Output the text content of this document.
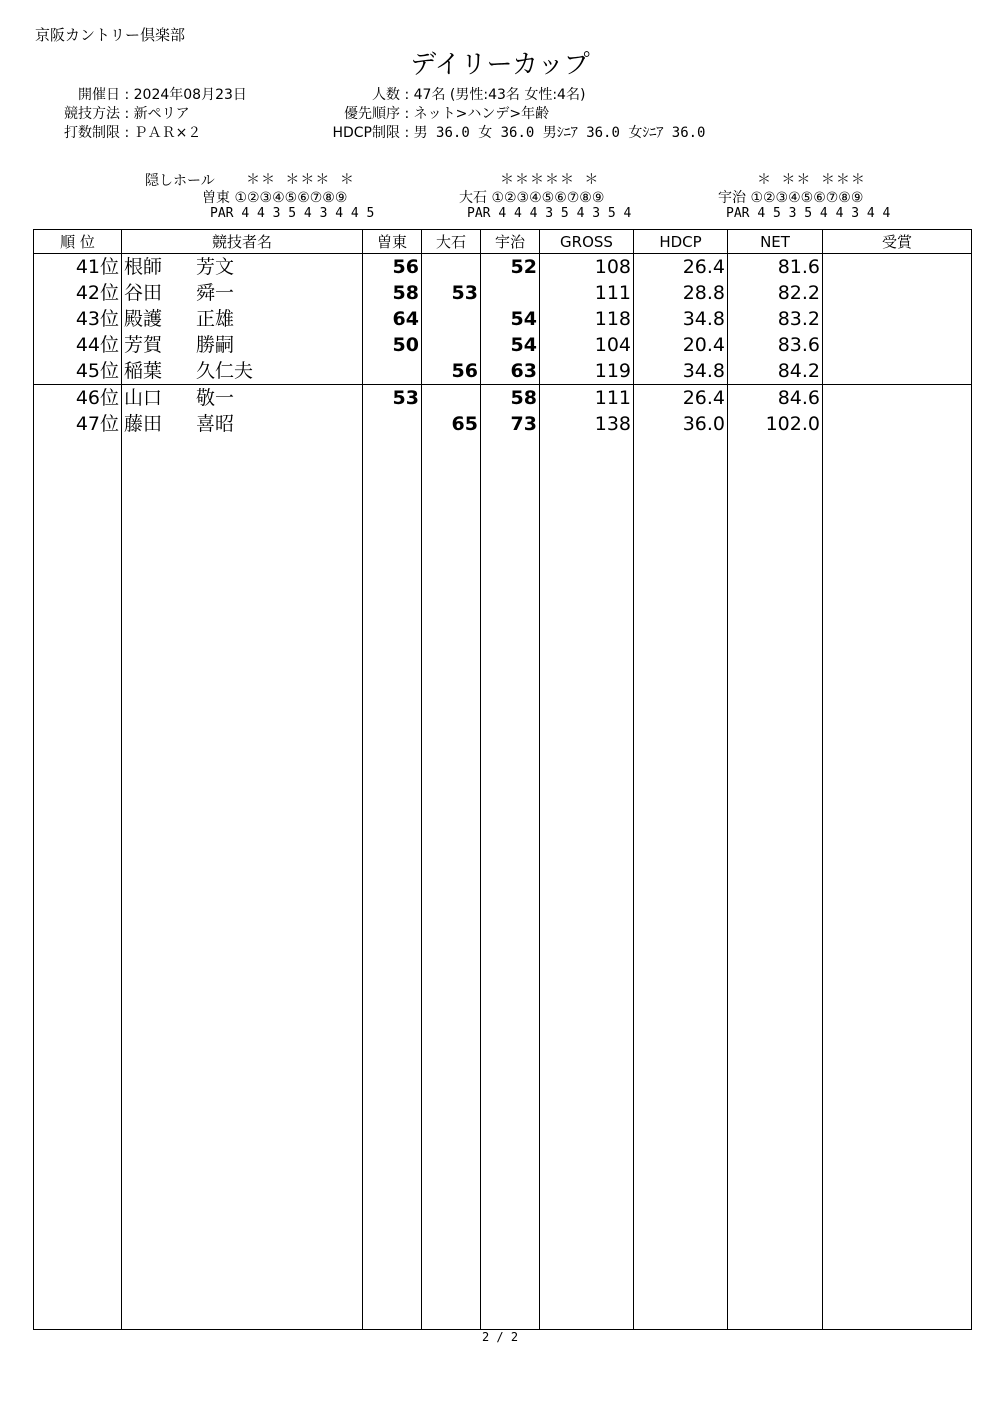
京阪カントリー倶楽部
デイリーカップ
開催日 : 2024年08月23日
競技方法 : 新ペリア
打数制限 : ＰＡＲ×２
人数 : 47名 (男性:43名 女性:4名)
優先順序 : ネット>ハンデ>年齢
HDCP制限 : 男 36.0 女 36.0 男ｼﾆｱ 36.0 女ｼﾆｱ 36.0
隠しホール ＊＊ ＊＊＊ ＊	＊＊＊＊＊ ＊	＊ ＊＊ ＊＊＊
曽東 ①②③④⑤⑥⑦⑧⑨	大石 ①②③④⑤⑥⑦⑧⑨	宇治 ①②③④⑤⑥⑦⑧⑨
PAR 4 4 3 5 4 3 4 4 5	PAR 4 4 4 3 5 4 3 5 4	PAR 4 5 3 5 4 4 3 4 4
順 位	競技者名	曽東	大石	宇治	GROSS	HDCP	NET	受賞
41位	根師 芳文	56		52	108	26.4	81.6	
42位	谷田 舜一	58	53		111	28.8	82.2	
43位	殿護 正雄	64		54	118	34.8	83.2	
44位	芳賀 勝嗣	50		54	104	20.4	83.6	
45位	稲葉 久仁夫		56	63	119	34.8	84.2	
46位	山口 敬一	53		58	111	26.4	84.6	
47位	藤田 喜昭		65	73	138	36.0	102.0	

2 / 2
